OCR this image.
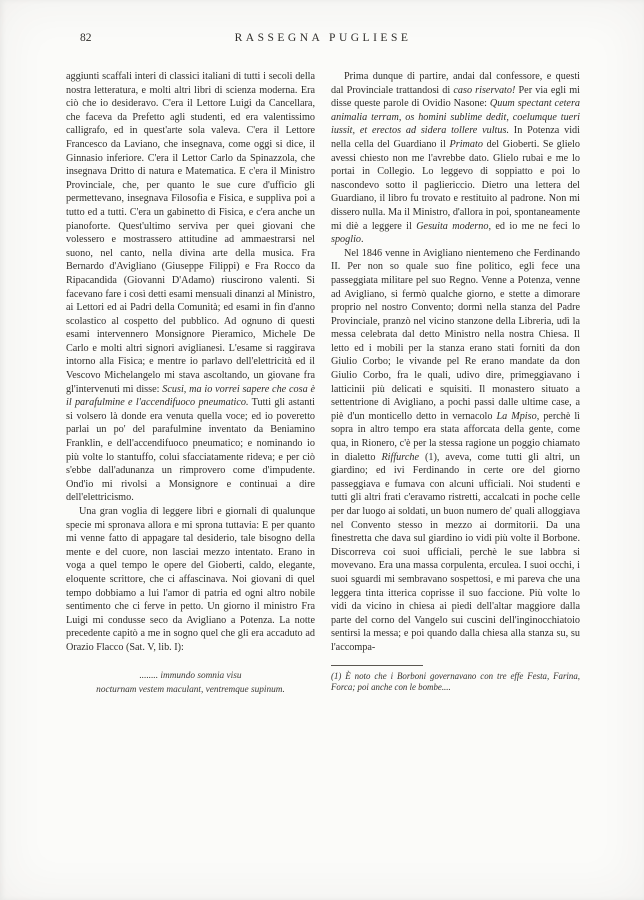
82	RASSEGNA PUGLIESE

aggiunti scaffali interi di classici italiani di tutti i secoli della nostra letteratura, e molti altri libri di scienza moderna. Era ciò che io desideravo. C'era il Lettore Luigi da Cancellara, che faceva da Prefetto agli studenti, ed era valentissimo calligrafo, ed in quest'arte sola valeva. C'era il Lettore Francesco da Laviano, che insegnava, come oggi si dice, il Ginnasio inferiore. C'era il Lettor Carlo da Spinazzola, che insegnava Dritto di natura e Matematica. E c'era il Ministro Provinciale, che, per quanto le sue cure d'ufficio gli permettevano, insegnava Filosofia e Fisica, e suppliva poi a tutto ed a tutti. C'era un gabinetto di Fisica, e c'era anche un pianoforte. Quest'ultimo serviva per quei giovani che volessero e mostrassero attitudine ad ammaestrarsi nel suono, nel canto, nella divina arte della musica. Fra Bernardo d'Avigliano (Giuseppe Filippi) e Fra Rocco da Ripacandida (Giovanni D'Adamo) riuscirono valenti. Si facevano fare i così detti esami mensuali dinanzi al Ministro, ai Lettori ed ai Padri della Comunità; ed esami in fin d'anno scolastico al cospetto del pubblico. Ad ognuno di questi esami intervennero Monsignore Pieramico, Michele De Carlo e molti altri signori aviglianesi. L'esame si raggirava intorno alla Fisica; e mentre io parlavo dell'elettricità ed il Vescovo Michelangelo mi stava ascoltando, un giovane fra gl'intervenuti mi disse: Scusi, ma io vorrei sapere che cosa è il parafulmine e l'accendifuoco pneumatico. Tutti gli astanti si volsero là donde era venuta quella voce; ed io poveretto parlai un po' del parafulmine inventato da Beniamino Franklin, e dell'accendifuoco pneumatico; e nominando io più volte lo stantuffo, colui sfacciatamente rideva; e per ciò s'ebbe dall'adunanza un rimprovero come d'impudente. Ond'io mi rivolsi a Monsignore e continuai a dire dell'elettricismo.

Una gran voglia di leggere libri e giornali di qualunque specie mi spronava allora e mi sprona tuttavia: E per quanto mi venne fatto di appagare tal desiderio, tale bisogno della mente e del cuore, non lasciai mezzo intentato. Erano in voga a quel tempo le opere del Gioberti, caldo, elegante, eloquente scrittore, che ci affascinava. Noi giovani di quel tempo dobbiamo a lui l'amor di patria ed ogni altro nobile sentimento che ci ferve in petto. Un giorno il ministro Fra Luigi mi condusse seco da Avigliano a Potenza. La notte precedente capitò a me in sogno quel che gli era accaduto ad Orazio Flacco (Sat. V, lib. I):

........ immundo somnia visu
nocturnam vestem maculant, ventremque supinum.

Prima dunque di partire, andai dal confessore, e questi dal Provinciale trattandosi di caso riservato! Per via egli mi disse queste parole di Ovidio Nasone: Quum spectant cetera animalia terram, os homini sublime dedit, coelumque tueri iussit, et erectos ad sidera tollere vultus. In Potenza vidi nella cella del Guardiano il Primato del Gioberti. Se glielo avessi chiesto non me l'avrebbe dato. Glielo rubai e me lo portai in Collegio. Lo leggevo di soppiatto e poi lo nascondevo sotto il pagliericcio. Dietro una lettera del Guardiano, il libro fu trovato e restituito al padrone. Non mi dissero nulla. Ma il Ministro, d'allora in poi, spontaneamente mi diè a leggere il Gesuita moderno, ed io me ne feci lo spoglio.

Nel 1846 venne in Avigliano nientemeno che Ferdinando II. Per non so quale suo fine politico, egli fece una passeggiata militare pel suo Regno. Venne a Potenza, venne ad Avigliano, si fermò qualche giorno, e stette a dimorare proprio nel nostro Convento; dormì nella stanza del Padre Provinciale, pranzò nel vicino stanzone della Libreria, udì la messa celebrata dal detto Ministro nella nostra Chiesa. Il letto ed i mobili per la stanza erano stati forniti da don Giulio Corbo; le vivande pel Re erano mandate da don Giulio Corbo, fra le quali, udivo dire, primeggiavano i latticinii più delicati e squisiti. Il monastero situato a settentrione di Avigliano, a pochi passi dalle ultime case, a piè d'un monticello detto in vernacolo La Mpiso, perchè lì sopra in altro tempo era stata afforcata della gente, come qua, in Rionero, c'è per la stessa ragione un poggio chiamato in dialetto Riffurche (1), aveva, come tutti gli altri, un giardino; ed ivi Ferdinando in certe ore del giorno passeggiava e fumava con alcuni ufficiali. Noi studenti e tutti gli altri frati c'eravamo ristretti, accalcati in poche celle per dar luogo ai soldati, un buon numero de' quali alloggiava nel Convento stesso in mezzo ai dormitorii. Da una finestretta che dava sul giardino io vidi più volte il Borbone. Discorreva coi suoi ufficiali, perchè le sue labbra si movevano. Era una massa corpulenta, erculea. I suoi occhi, i suoi sguardi mi sembravano sospettosi, e mi pareva che una leggera tinta itterica coprisse il suo faccione. Più volte lo vidi da vicino in chiesa ai piedi dell'altar maggiore dalla parte del corno del Vangelo sui cuscini dell'inginocchiatoio sentirsi la messa; e poi quando dalla chiesa alla stanza su, su l'accompa-

(1) È noto che i Borboni governavano con tre effe Festa, Farina, Forca; poi anche con le bombe....
